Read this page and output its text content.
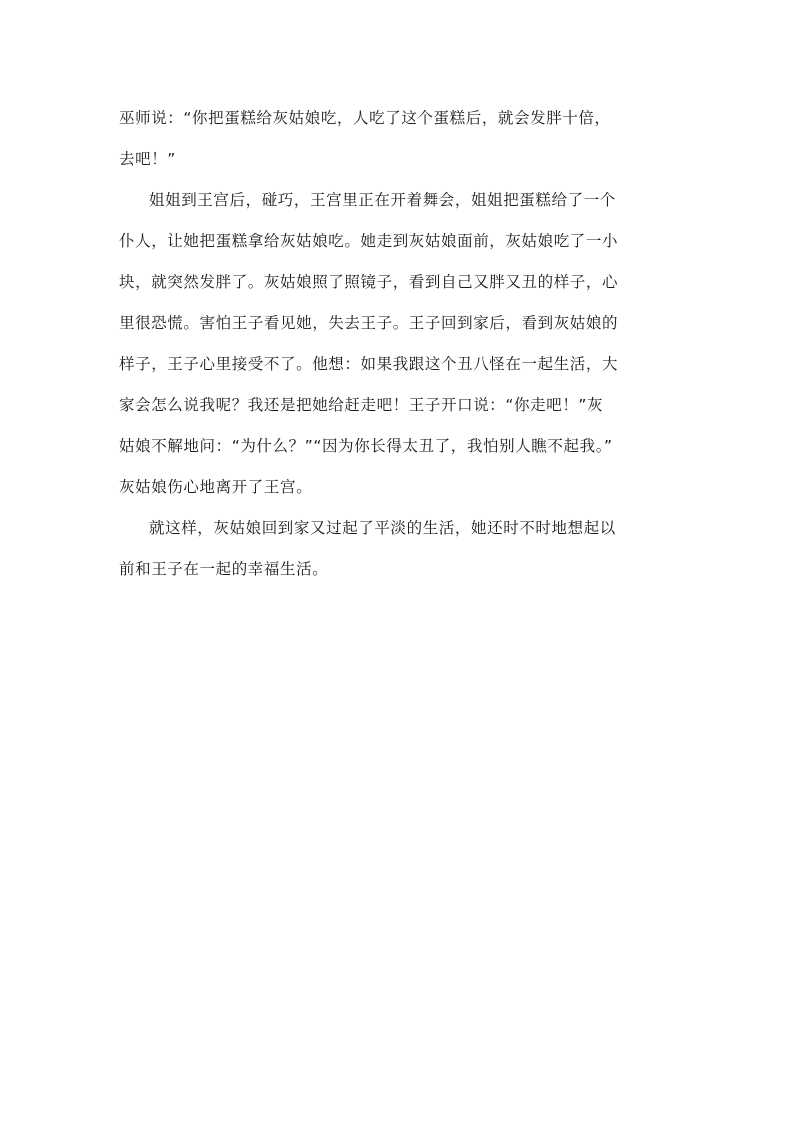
巫师说：“你把蛋糕给灰姑娘吃，人吃了这个蛋糕后，就会发胖十倍，
去吧！”
姐姐到王宫后，碰巧，王宫里正在开着舞会，姐姐把蛋糕给了一个
仆人，让她把蛋糕拿给灰姑娘吃。她走到灰姑娘面前，灰姑娘吃了一小
块，就突然发胖了。灰姑娘照了照镜子，看到自己又胖又丑的样子，心
里很恐慌。害怕王子看见她，失去王子。王子回到家后，看到灰姑娘的
样子，王子心里接受不了。他想：如果我跟这个丑八怪在一起生活，大
家会怎么说我呢？我还是把她给赶走吧！王子开口说：“你走吧！”灰
姑娘不解地问：“为什么？”“因为你长得太丑了，我怕别人瞧不起我。”
灰姑娘伤心地离开了王宫。
就这样，灰姑娘回到家又过起了平淡的生活，她还时不时地想起以
前和王子在一起的幸福生活。
